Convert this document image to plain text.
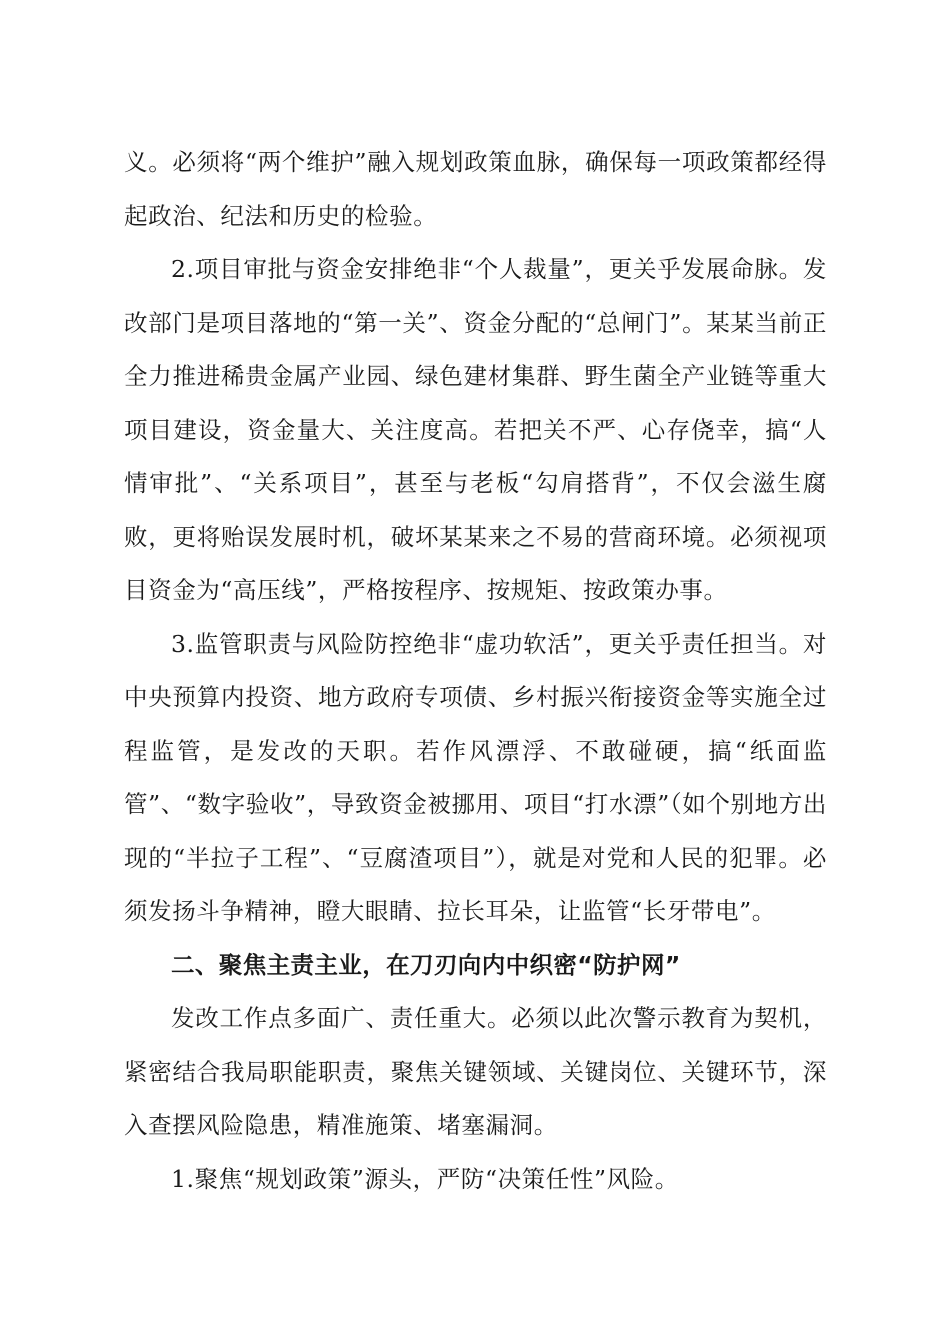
义。必须将“两个维护”融入规划政策血脉，确保每一项政策都经得起政治、纪法和历史的检验。

2.项目审批与资金安排绝非“个人裁量”，更关乎发展命脉。发改部门是项目落地的“第一关”、资金分配的“总闸门”。某某当前正全力推进稀贵金属产业园、绿色建材集群、野生菌全产业链等重大项目建设，资金量大、关注度高。若把关不严、心存侥幸，搞“人情审批”、“关系项目”，甚至与老板“勾肩搭背”，不仅会滋生腐败，更将贻误发展时机，破坏某某来之不易的营商环境。必须视项目资金为“高压线”，严格按程序、按规矩、按政策办事。

3.监管职责与风险防控绝非“虚功软活”，更关乎责任担当。对中央预算内投资、地方政府专项债、乡村振兴衔接资金等实施全过程监管，是发改的天职。若作风漂浮、不敢碰硬，搞“纸面监管”、“数字验收”，导致资金被挪用、项目“打水漂”（如个别地方出现的“半拉子工程”、“豆腐渣项目”），就是对党和人民的犯罪。必须发扬斗争精神，瞪大眼睛、拉长耳朵，让监管“长牙带电”。

二、聚焦主责主业，在刀刃向内中织密“防护网”

发改工作点多面广、责任重大。必须以此次警示教育为契机，紧密结合我局职能职责，聚焦关键领域、关键岗位、关键环节，深入查摆风险隐患，精准施策、堵塞漏洞。

1.聚焦“规划政策”源头，严防“决策任性”风险。
